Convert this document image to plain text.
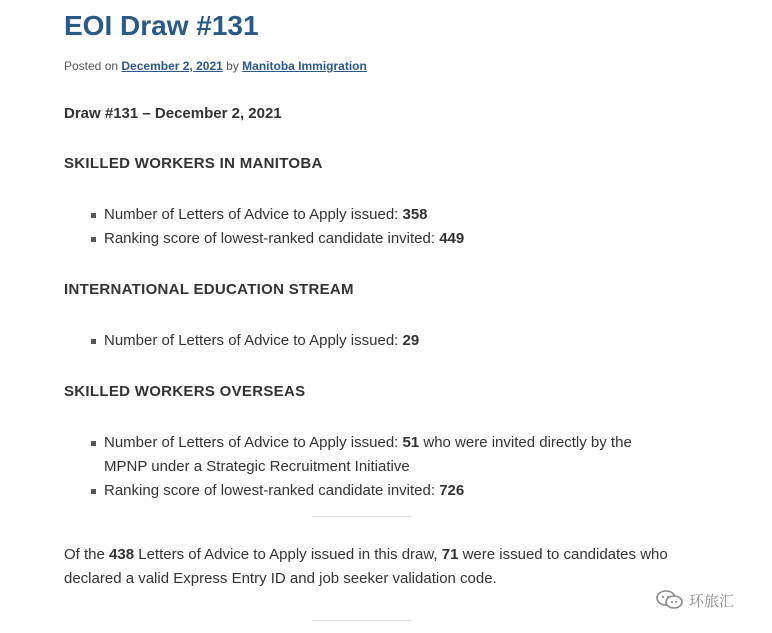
EOI Draw #131
Posted on December 2, 2021 by Manitoba Immigration
Draw #131 – December 2, 2021
SKILLED WORKERS IN MANITOBA
Number of Letters of Advice to Apply issued: 358
Ranking score of lowest-ranked candidate invited: 449
INTERNATIONAL EDUCATION STREAM
Number of Letters of Advice to Apply issued: 29
SKILLED WORKERS OVERSEAS
Number of Letters of Advice to Apply issued: 51 who were invited directly by the MPNP under a Strategic Recruitment Initiative
Ranking score of lowest-ranked candidate invited: 726
Of the 438 Letters of Advice to Apply issued in this draw, 71 were issued to candidates who declared a valid Express Entry ID and job seeker validation code.
环旅汇
